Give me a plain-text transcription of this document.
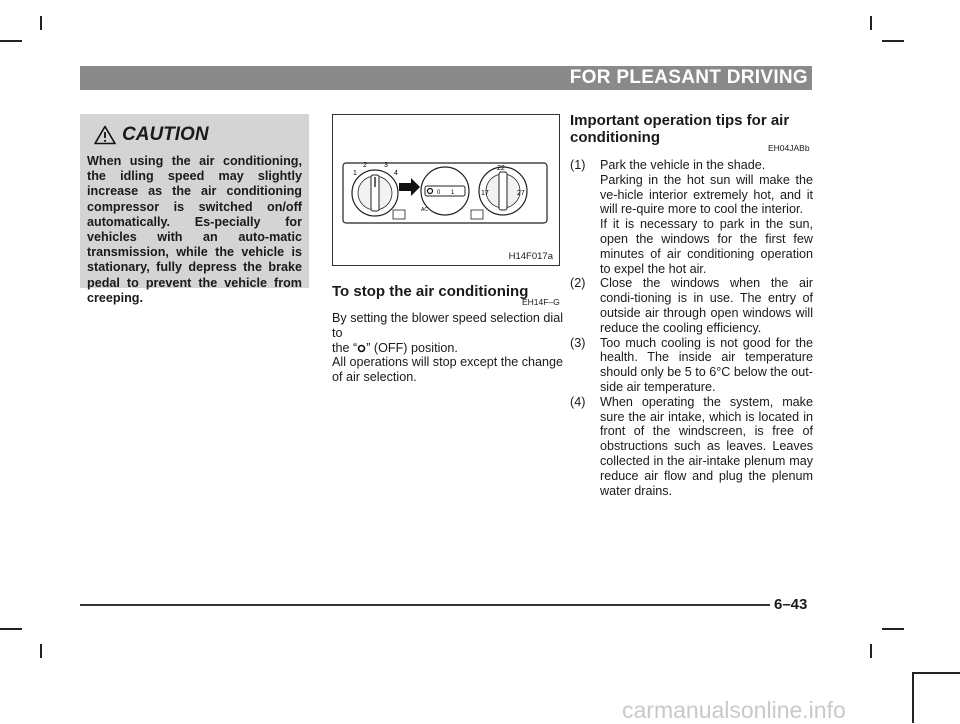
FOR PLEASANT DRIVING
CAUTION
When using the air conditioning, the idling speed may slightly increase as the air conditioning compressor is switched on/off automatically. Es-pecially for vehicles with an auto-matic transmission, while the vehicle is stationary, fully depress the brake pedal to prevent the vehicle from creeping.
1
2 3
4
0 1
AC
17	27
22
H14F017a
To stop the air conditioning
EH14F–G
By setting the blower speed selection dial to
the “ ” (OFF) position.
All operations will stop except the change of air selection.
Important operation tips for air
conditioning
EH04JABb
(1) Park the vehicle in the shade.
Parking in the hot sun will make the ve-hicle interior extremely hot, and it will re-quire more to cool the interior.
If it is necessary to park in the sun, open the windows for the first few minutes of air conditioning operation to expel the hot air.
(2) Close the windows when the air condi-tioning is in use. The entry of outside air through open windows will reduce the cooling efficiency.
(3) Too much cooling is not good for the health. The inside air temperature should only be 5 to 6°C below the out-side air temperature.
(4) When operating the system, make sure the air intake, which is located in front of the windscreen, is free of obstructions such as leaves. Leaves collected in the air-intake plenum may reduce air flow and plug the plenum water drains.
6–43
carmanualsonline.info
